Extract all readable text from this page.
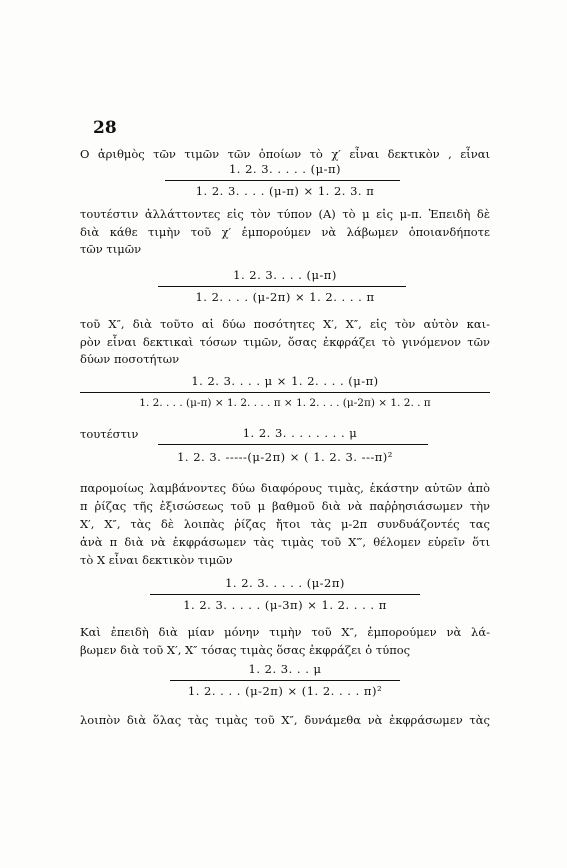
28
Ο ἀριθμὸς τῶν τιμῶν τῶν ὁποίων τὸ χ′ εἶναι δεκτικὸν , εἶναι
1. 2. 3. . . . . (μ-π)
1. 2. 3. . . . (μ-π) × 1. 2. 3. π
τουτέστιν ἀλλάττοντες εἰς τὸν τύπον (Α) τὸ μ εἰς μ-π. Ἐπειδὴ δὲ
διὰ κάθε τιμὴν τοῦ χ′ ἐμπορούμεν νὰ λάβωμεν ὁποιανδήποτε
τῶν τιμῶν
1. 2. 3. . . . (μ-π)
1. 2. . . . (μ-2π) × 1. 2. . . . π
τοῦ Χ″, διὰ τοῦτο αἱ δύω ποσότητες Χ′, Χ″, εἰς τὸν αὐτὸν και-
ρὸν εἶναι δεκτικαὶ τόσων τιμῶν, ὅσας ἐκφράζει τὸ γινόμενον τῶν
δύων ποσοτήτων
1. 2. 3. . . . μ × 1. 2. . . . (μ-π)
1. 2. . . . (μ-π) × 1. 2. . . . π × 1. 2. . . . (μ-2π) × 1. 2. . π
τουτέστιν	1. 2. 3. . . . . . . . μ
1. 2. 3. -----(μ-2π) × ( 1. 2. 3. ---π)²
παρομοίως λαμβάνοντες δύω διαφόρους τιμὰς, ἑκάστην αὐτῶν ἀπὸ
π ῥίζας τῆς ἐξισώσεως τοῦ μ βαθμοῦ διὰ νὰ παῤῥησιάσωμεν τὴν
Χ′, Χ″, τὰς δὲ λοιπὰς ῥίζας ἤτοι τὰς μ-2π συνδυάζοντές τας
ἀνὰ π διὰ νὰ ἐκφράσωμεν τὰς τιμὰς τοῦ Χ‴, θέλομεν εὑρεῖν ὅτι
τὸ Χ εἶναι δεκτικὸν τιμῶν
1. 2. 3. . . . . (μ-2π)
1. 2. 3. . . . . (μ-3π) × 1. 2. . . . π
Καὶ ἐπειδὴ διὰ μίαν μόνην τιμὴν τοῦ Χ″, ἐμπορούμεν νὰ λά-
βωμεν διὰ τοῦ Χ′, Χ″ τόσας τιμὰς ὅσας ἐκφράζει ὁ τύπος
1. 2. 3. . . μ
1. 2. . . . (μ-2π) × (1. 2. . . . π)²
λοιπὸν διὰ ὅλας τὰς τιμὰς τοῦ Χ″, δυνάμεθα νὰ ἐκφράσωμεν τὰς
